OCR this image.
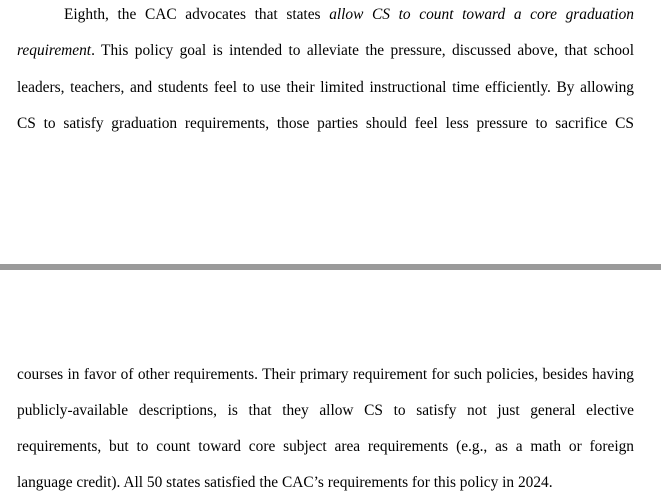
Eighth, the CAC advocates that states allow CS to count toward a core graduation
requirement. This policy goal is intended to alleviate the pressure, discussed above, that school
leaders, teachers, and students feel to use their limited instructional time efficiently. By allowing
CS to satisfy graduation requirements, those parties should feel less pressure to sacrifice CS
courses in favor of other requirements. Their primary requirement for such policies, besides having
publicly-available descriptions, is that they allow CS to satisfy not just general elective
requirements, but to count toward core subject area requirements (e.g., as a math or foreign
language credit). All 50 states satisfied the CAC’s requirements for this policy in 2024.
